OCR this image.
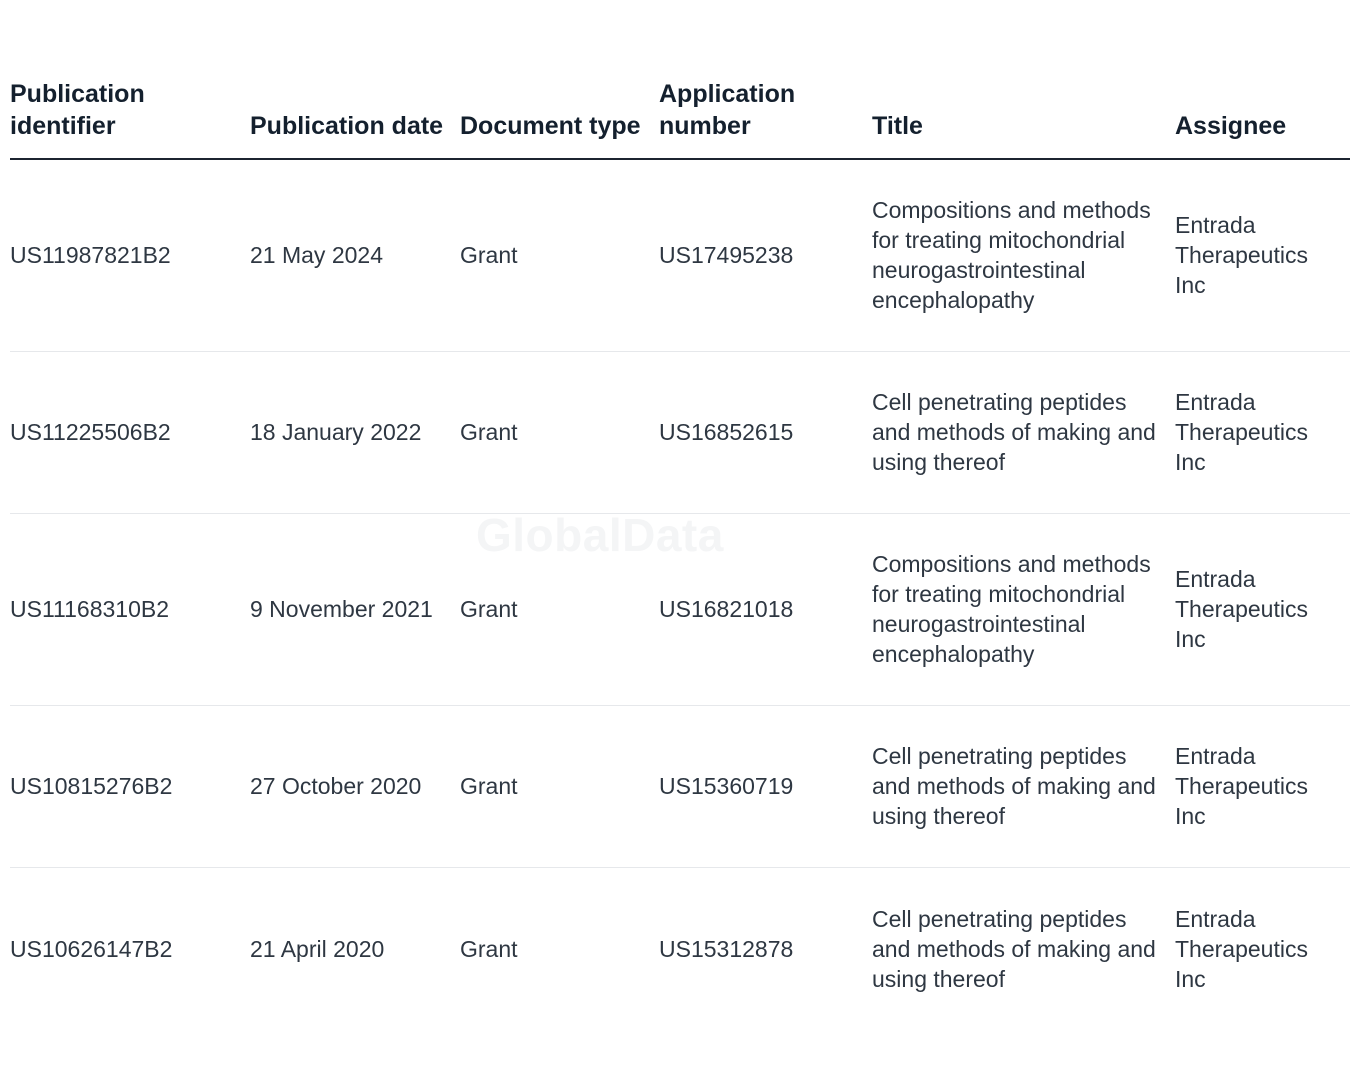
Publication identifier	Publication date	Document type	Application number	Title	Assignee
US11987821B2	21 May 2024	Grant	US17495238	Compositions and methods for treating mitochondrial neurogastrointestinal encephalopathy	Entrada Therapeutics Inc
US11225506B2	18 January 2022	Grant	US16852615	Cell penetrating peptides and methods of making and using thereof	Entrada Therapeutics Inc
US11168310B2	9 November 2021	Grant	US16821018	Compositions and methods for treating mitochondrial neurogastrointestinal encephalopathy	Entrada Therapeutics Inc
US10815276B2	27 October 2020	Grant	US15360719	Cell penetrating peptides and methods of making and using thereof	Entrada Therapeutics Inc
US10626147B2	21 April 2020	Grant	US15312878	Cell penetrating peptides and methods of making and using thereof	Entrada Therapeutics Inc
GlobalData
